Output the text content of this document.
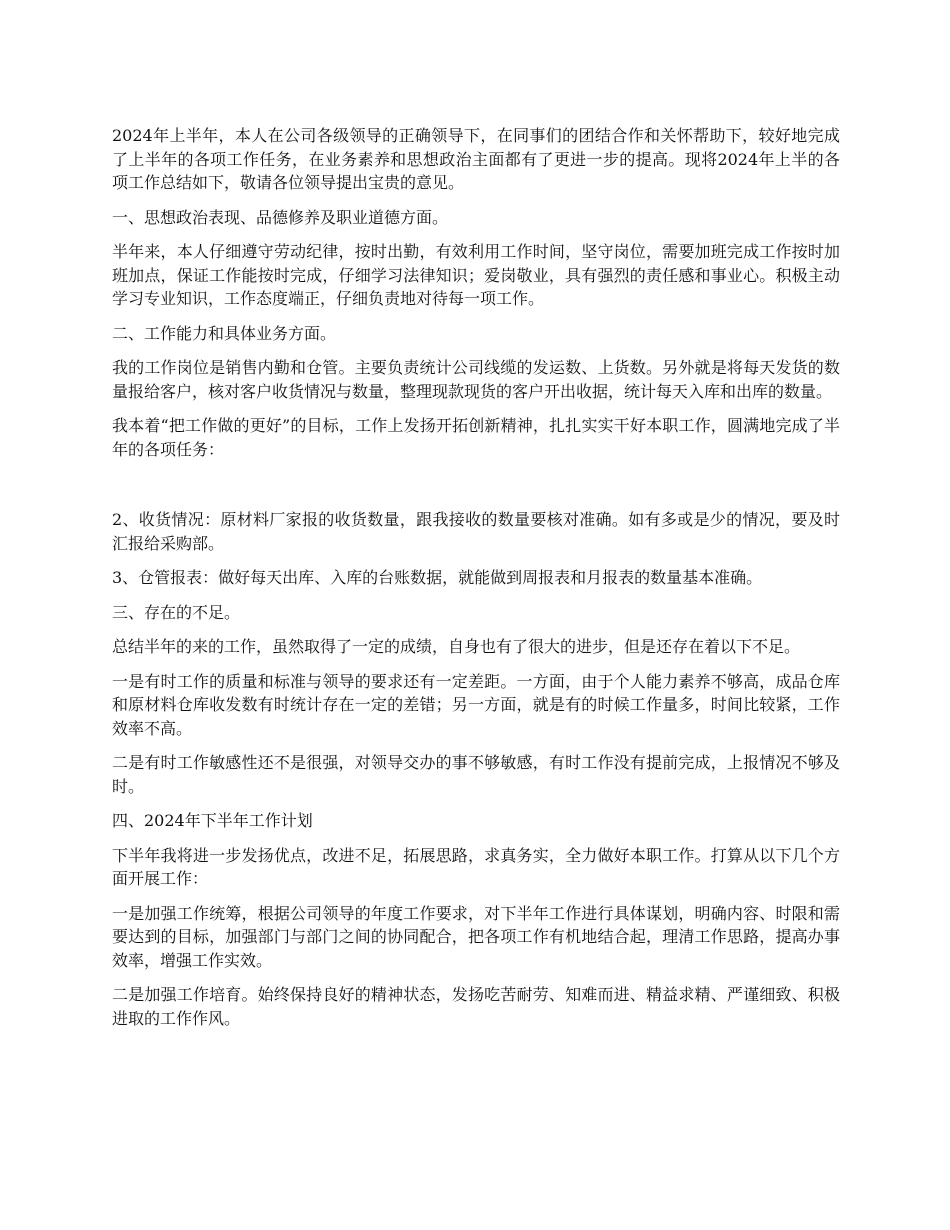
2024年上半年，本人在公司各级领导的正确领导下，在同事们的团结合作和关怀帮助下，较好地完成了上半年的各项工作任务，在业务素养和思想政治主面都有了更进一步的提高。现将2024年上半的各项工作总结如下，敬请各位领导提出宝贵的意见。

一、思想政治表现、品德修养及职业道德方面。

半年来，本人仔细遵守劳动纪律，按时出勤，有效利用工作时间，坚守岗位，需要加班完成工作按时加班加点，保证工作能按时完成，仔细学习法律知识；爱岗敬业，具有强烈的责任感和事业心。积极主动学习专业知识，工作态度端正，仔细负责地对待每一项工作。

二、工作能力和具体业务方面。

我的工作岗位是销售内勤和仓管。主要负责统计公司线缆的发运数、上货数。另外就是将每天发货的数量报给客户，核对客户收货情况与数量，整理现款现货的客户开出收据，统计每天入库和出库的数量。

我本着“把工作做的更好”的目标，工作上发扬开拓创新精神，扎扎实实干好本职工作，圆满地完成了半年的各项任务：

2、收货情况：原材料厂家报的收货数量，跟我接收的数量要核对准确。如有多或是少的情况，要及时汇报给采购部。

3、仓管报表：做好每天出库、入库的台账数据，就能做到周报表和月报表的数量基本准确。

三、存在的不足。

总结半年的来的工作，虽然取得了一定的成绩，自身也有了很大的进步，但是还存在着以下不足。

一是有时工作的质量和标准与领导的要求还有一定差距。一方面，由于个人能力素养不够高，成品仓库和原材料仓库收发数有时统计存在一定的差错；另一方面，就是有的时候工作量多，时间比较紧，工作效率不高。

二是有时工作敏感性还不是很强，对领导交办的事不够敏感，有时工作没有提前完成，上报情况不够及时。

四、2024年下半年工作计划

下半年我将进一步发扬优点，改进不足，拓展思路，求真务实，全力做好本职工作。打算从以下几个方面开展工作：

一是加强工作统筹，根据公司领导的年度工作要求，对下半年工作进行具体谋划，明确内容、时限和需要达到的目标，加强部门与部门之间的协同配合，把各项工作有机地结合起，理清工作思路，提高办事效率，增强工作实效。

二是加强工作培育。始终保持良好的精神状态，发扬吃苦耐劳、知难而进、精益求精、严谨细致、积极进取的工作作风。
